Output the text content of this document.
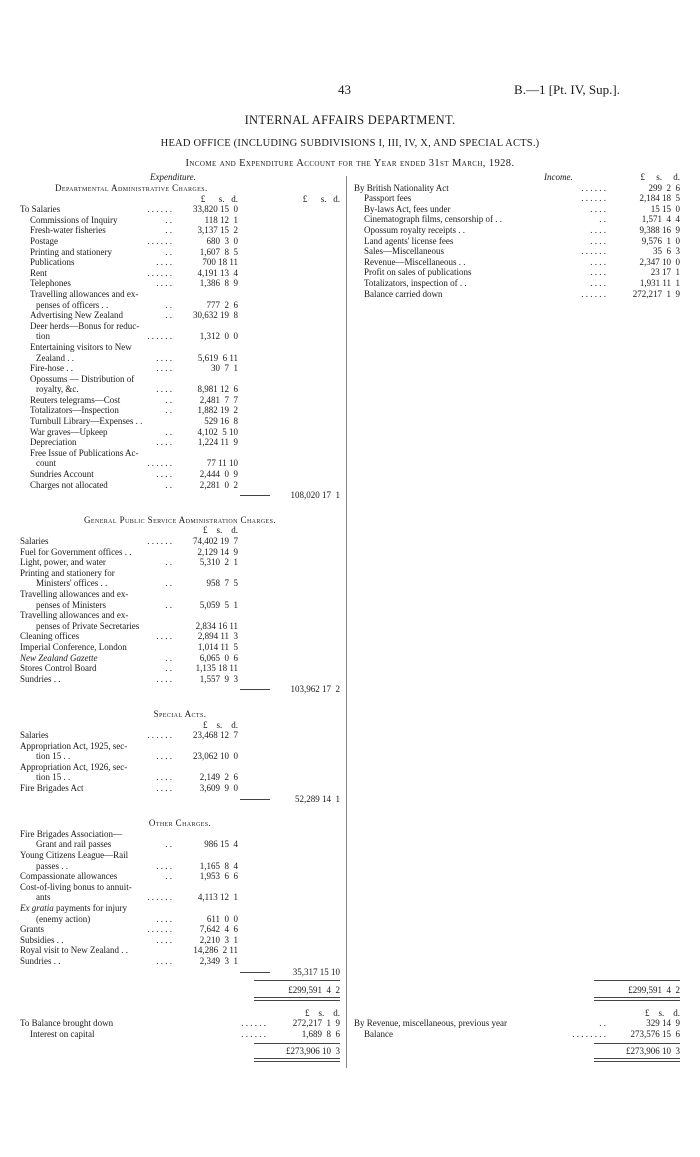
43	B.—1 [Pt. IV, Sup.].
INTERNAL AFFAIRS DEPARTMENT.
HEAD OFFICE (INCLUDING SUBDIVISIONS I, III, IV, X, AND SPECIAL ACTS.)
Income and Expenditure Account for the Year ended 31st March, 1928.
Expenditure.
Departmental Administrative Charges.
£      s.   d.	£      s.   d.
To Salaries	. . . . . . 33,820 15  0
Commissions of Inquiry	. .	118 12  1
Fresh-water fisheries	. .	3,137 15  2
Postage	. . . . . .	680  3  0
Printing and stationery	. .	1,607  8  5
Publications	. . . .	700 18 11
Rent	. . . . . .	4,191 13  4
Telephones	. . . .	1,386  8  9
Travelling allowances and ex-
penses of officers . .	. .	777  2  6
Advertising New Zealand	. . 30,632 19  8
Deer herds—Bonus for reduc-
tion	. . . . . .	1,312  0  0
Entertaining visitors to New
Zealand . .	. . . .	5,619  6 11
Fire-hose . .	. . . .	30  7  1
Opossums — Distribution of
royalty, &c.	. . . .	8,981 12  6
Reuters telegrams—Cost	. .	2,481  7  7
Totalizators—Inspection	. .	1,882 19  2
Turnbull Library—Expenses . .	529 16  8
War graves—Upkeep	. .	4,102  5 10
Depreciation	. . . .	1,224 11  9
Free Issue of Publications Ac-
count	. . . . . .	77 11 10
Sundries Account	. . . .	2,444  0  9
Charges not allocated	. .	2,281  0  2
108,020 17  1
General Public Service Administration Charges.
£    s.    d.
Salaries	. . . . . . 74,402 19  7
Fuel for Government offices . .	2,129 14  9
Light, power, and water	. .	5,310  2  1
Printing and stationery for
Ministers' offices . .	. .	958  7  5
Travelling allowances and ex-
penses of Ministers	. .	5,059  5  1
Travelling allowances and ex-
penses of Private Secretaries	2,834 16 11
Cleaning offices	. . . .	2,894 11  3
Imperial Conference, London	1,014 11  5
New Zealand Gazette	. .	6,065  0  6
Stores Control Board	. .	1,135 18 11
Sundries . .	. . . .	1,557  9  3
103,962 17  2
Special Acts.
£    s.    d.
Salaries	. . . . . . 23,468 12  7
Appropriation Act, 1925, sec-
tion 15 . .	. . . . 23,062 10  0
Appropriation Act, 1926, sec-
tion 15 . .	. . . .	2,149  2  6
Fire Brigades Act	. . . .	3,609  9  0
52,289 14  1
Other Charges.
Fire Brigades Association—
Grant and rail passes	. .	986 15  4
Young Citizens League—Rail
passes . .	. . . .	1,165  8  4
Compassionate allowances	. .	1,953  6  6
Cost-of-living bonus to annuit-
ants	. . . . . .	4,113 12  1
Ex gratia payments for injury
(enemy action)	. . . .	611  0  0
Grants	. . . . . .	7,642  4  6
Subsidies . .	. . . .	2,210  3  1
Royal visit to New Zealand . .	14,286  2 11
Sundries . .	. . . .	2,349  3  1
35,317 15 10
£299,591  4  2
£    s.    d.
To Balance brought down	. . . . . .	272,217  1  9
Interest on capital	. . . . . .	1,689  8  6
£273,906 10  3
Income.	£     s.     d.
By British Nationality Act	. . . . . .	299  2  6
Passport fees	. . . . . .	2,184 18  5
By-laws Act, fees under	. . . .	15 15  0
Cinematograph films, censorship of . .	. .	1,571  4  4
Opossum royalty receipts . .	. . . .	9,388 16  9
Land agents' license fees	. . . .	9,576  1  0
Sales—Miscellaneous	. . . . . .	35  6  3
Revenue—Miscellaneous . .	. . . .	2,347 10  0
Profit on sales of publications	. . . .	23 17  1
Totalizators, inspection of . .	. . . .	1,931 11  1
Balance carried down	. . . . . .	272,217  1  9
£    s.    d.
By Revenue, miscellaneous, previous year	. .	329 14  9
Balance	. . . . . . . .	273,576 15  6
£273,906 10  3
£299,591  4  2
